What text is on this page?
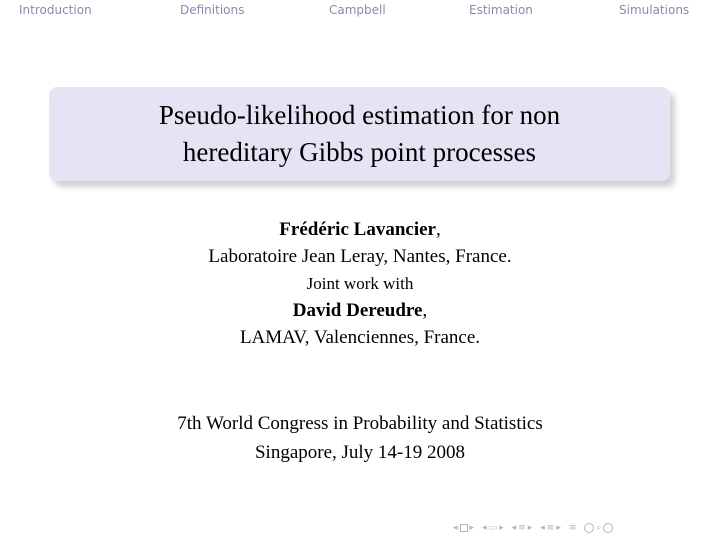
Introduction	Definitions	Campbell	Estimation	Simulations
Pseudo-likelihood estimation for non
hereditary Gibbs point processes
Frédéric Lavancier,
Laboratoire Jean Leray, Nantes, France.
Joint work with
David Dereudre,
LAMAV, Valenciennes, France.
7th World Congress in Probability and Statistics
Singapore, July 14-19 2008
◂ ▸ ◂ ▭ ▸ ◂ ≡ ▸ ◂ ≡ ▸ ≡ ⌕
